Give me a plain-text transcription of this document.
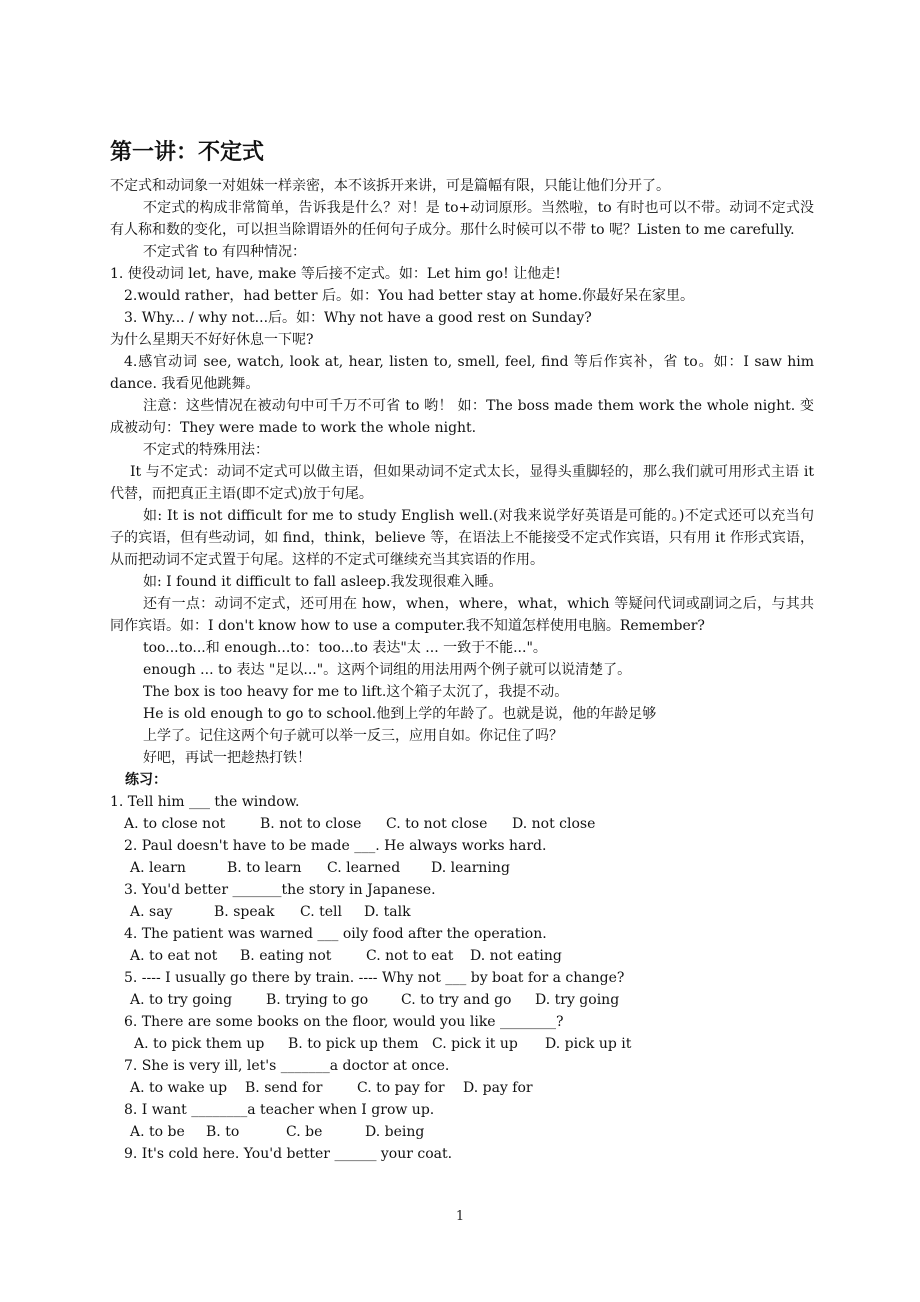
第一讲：不定式

不定式和动词象一对姐妹一样亲密，本不该拆开来讲，可是篇幅有限，只能让他们分开了。

不定式的构成非常简单，告诉我是什么？对！是 to+动词原形。当然啦，to 有时也可以不带。动词不定式没有人称和数的变化，可以担当除谓语外的任何句子成分。那什么时候可以不带 to 呢？Listen to me carefully.

不定式省 to 有四种情况：

1. 使役动词 let, have, make 等后接不定式。如：Let him go! 让他走!

2.would rather，had better 后。如：You had better stay at home.你最好呆在家里。

3. Why... / why not...后。如：Why not have a good rest on Sunday?

为什么星期天不好好休息一下呢?

4.感官动词 see, watch, look at, hear, listen to, smell, feel, find 等后作宾补，省 to。如：I saw him dance. 我看见他跳舞。

注意：这些情况在被动句中可千万不可省 to 哟！ 如：The boss made them work the whole night. 变成被动句：They were made to work the whole night.

不定式的特殊用法：

It 与不定式：动词不定式可以做主语，但如果动词不定式太长，显得头重脚轻的，那么我们就可用形式主语 it 代替，而把真正主语(即不定式)放于句尾。

如: It is not difficult for me to study English well.(对我来说学好英语是可能的。)不定式还可以充当句子的宾语，但有些动词，如 find，think，believe 等，在语法上不能接受不定式作宾语，只有用 it 作形式宾语，从而把动词不定式置于句尾。这样的不定式可继续充当其宾语的作用。

如: I found it difficult to fall asleep.我发现很难入睡。

还有一点：动词不定式，还可用在 how，when，where，what，which 等疑问代词或副词之后，与其共同作宾语。如：I don't know how to use a computer.我不知道怎样使用电脑。Remember?

too...to...和 enough...to：too...to 表达"太 ... 一致于不能..."。

enough ... to 表达 "足以..."。这两个词组的用法用两个例子就可以说清楚了。

The box is too heavy for me to lift.这个箱子太沉了，我提不动。

He is old enough to go to school.他到上学的年龄了。也就是说，他的年龄足够

上学了。记住这两个句子就可以举一反三，应用自如。你记住了吗？

好吧，再试一把趁热打铁！

练习：

1. Tell him ___ the window.

A. to close not	B. not to close	C. to not close	D. not close

2. Paul doesn't have to be made ___. He always works hard.

A. learn	B. to learn	C. learned	D. learning

3. You'd better _______the story in Japanese.

A. say	B. speak	C. tell	D. talk

4. The patient was warned ___ oily food after the operation.

A. to eat not	B. eating not	C. not to eat	D. not eating

5. ---- I usually go there by train. ---- Why not ___ by boat for a change?

A. to try going	B. trying to go	C. to try and go	D. try going

6. There are some books on the floor, would you like ________?

A. to pick them up	B. to pick up them C. pick it up	D. pick up it

7. She is very ill, let's _______a doctor at once.

A. to wake up	B. send for	C. to pay for	D. pay for

8. I want ________a teacher when I grow up.

A. to be	B. to	C. be	D. being

9. It's cold here. You'd better ______ your coat.

1
